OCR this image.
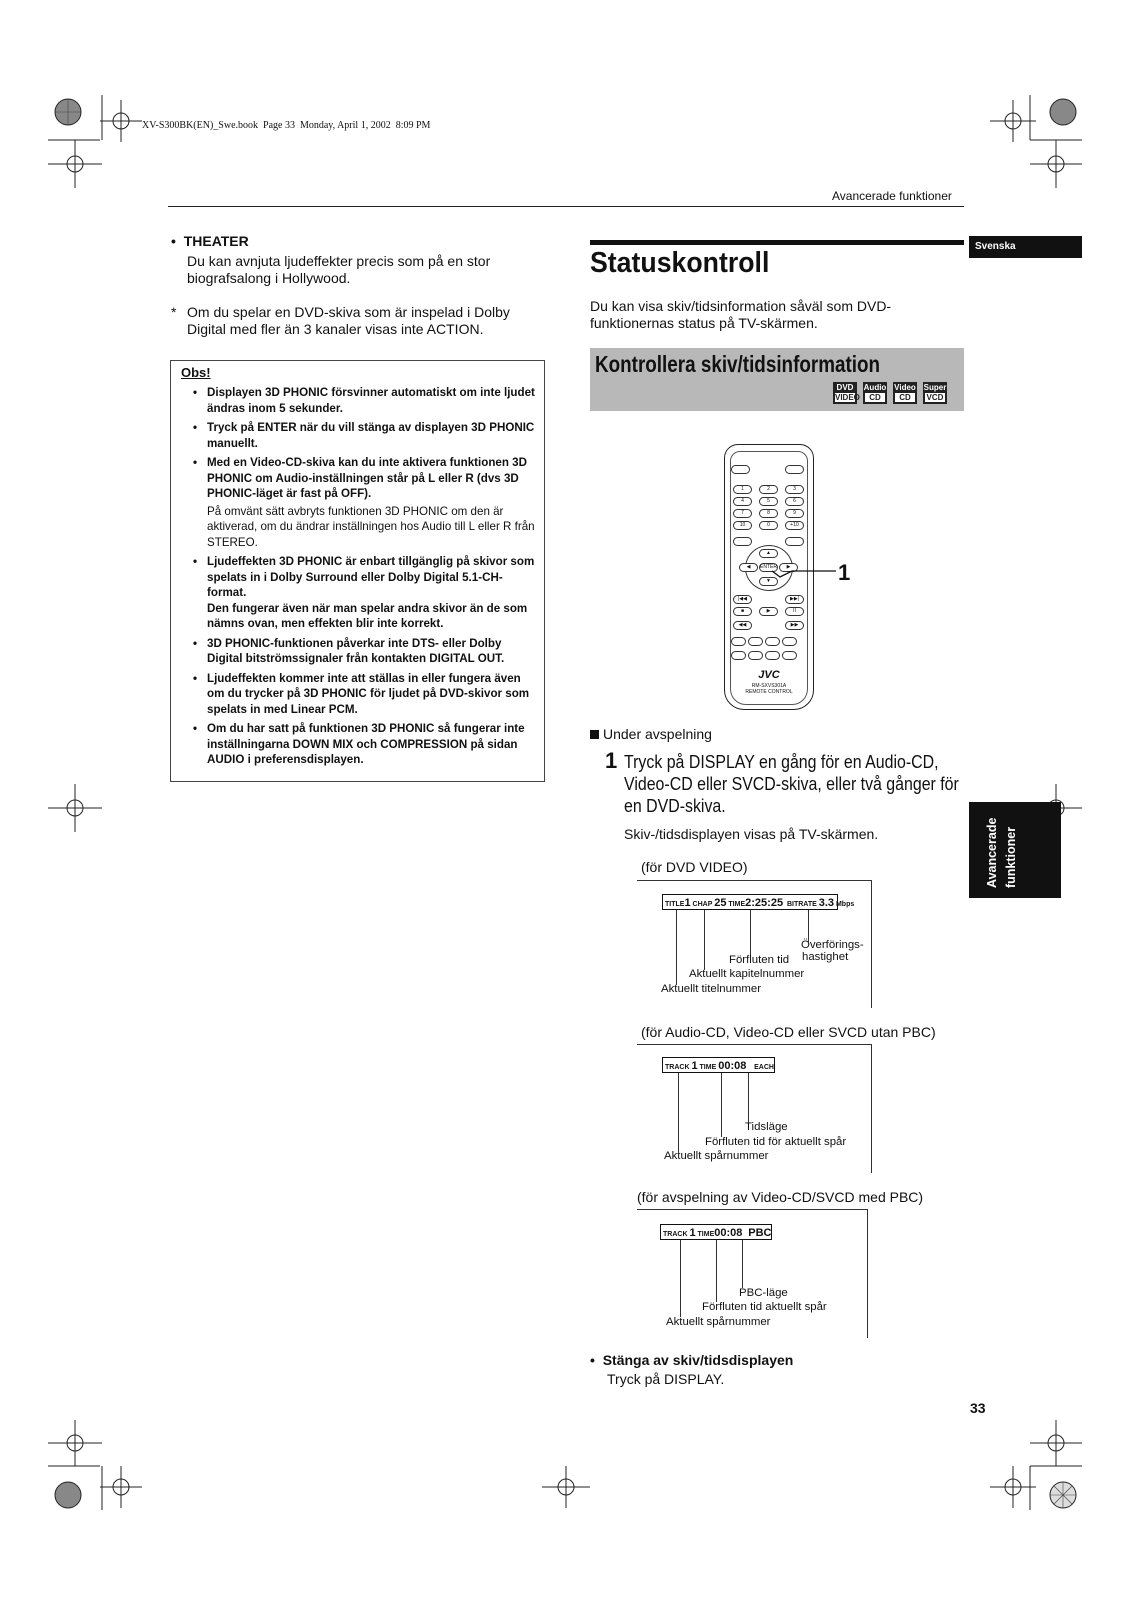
XV-S300BK(EN)_Swe.book  Page 33  Monday, April 1, 2002  8:09 PM
Avancerade funktioner
Svenska
Avancerade funktioner
•  THEATER
Du kan avnjuta ljudeffekter precis som på en stor biografsalong i Hollywood.
* Om du spelar en DVD-skiva som är inspelad i Dolby Digital med fler än 3 kanaler visas inte ACTION.
Obs!
• Displayen 3D PHONIC försvinner automatiskt om inte ljudet ändras inom 5 sekunder.
• Tryck på ENTER när du vill stänga av displayen 3D PHONIC manuellt.
• Med en Video-CD-skiva kan du inte aktivera funktionen 3D PHONIC om Audio-inställningen står på L eller R (dvs 3D PHONIC-läget är fast på OFF).
På omvänt sätt avbryts funktionen 3D PHONIC om den är aktiverad, om du ändrar inställningen hos Audio till L eller R från STEREO.
• Ljudeffekten 3D PHONIC är enbart tillgänglig på skivor som spelats in i Dolby Surround eller Dolby Digital 5.1-CH-format.
Den fungerar även när man spelar andra skivor än de som nämns ovan, men effekten blir inte korrekt.
• 3D PHONIC-funktionen påverkar inte DTS- eller Dolby Digital bitströmssignaler från kontakten DIGITAL OUT.
• Ljudeffekten kommer inte att ställas in eller fungera även om du trycker på 3D PHONIC för ljudet på DVD-skivor som spelats in med Linear PCM.
• Om du har satt på funktionen 3D PHONIC så fungerar inte inställningarna DOWN MIX och COMPRESSION på sidan AUDIO i preferensdisplayen.
Statuskontroll
Du kan visa skiv/tidsinformation såväl som DVD-funktionernas status på TV-skärmen.
Kontrollera skiv/tidsinformation
DVD
VIDEO
Audio
CD
Video
CD
Super
VCD
1	2	3
4	5	6
7	8	9
10	0	+10
▲
◀	ENTER	▶
▼
|◀◀	▶▶|
■	▶	II
◀◀	▶▶
JVC
RM-SXVS301A
REMOTE CONTROL
1
Under avspelning
1 Tryck på DISPLAY en gång för en Audio-CD, Video-CD eller SVCD-skiva, eller två gånger för en DVD-skiva.
Skiv-/tidsdisplayen visas på TV-skärmen.
(för DVD VIDEO)
TITLE1 CHAP 25 TIME2:25:25 BITRATE 3.3 Mbps
Överförings-
hastighet
Förfluten tid
Aktuellt kapitelnummer
Aktuellt titelnummer
(för Audio-CD, Video-CD eller SVCD utan PBC)
TRACK 1 TIME 00:08 EACH
Tidsläge
Förfluten tid för aktuellt spår
Aktuellt spårnummer
(för avspelning av Video-CD/SVCD med PBC)
TRACK 1 TIME00:08 PBC
PBC-läge
Förfluten tid aktuellt spår
Aktuellt spårnummer
•  Stänga av skiv/tidsdisplayen
Tryck på DISPLAY.
33
